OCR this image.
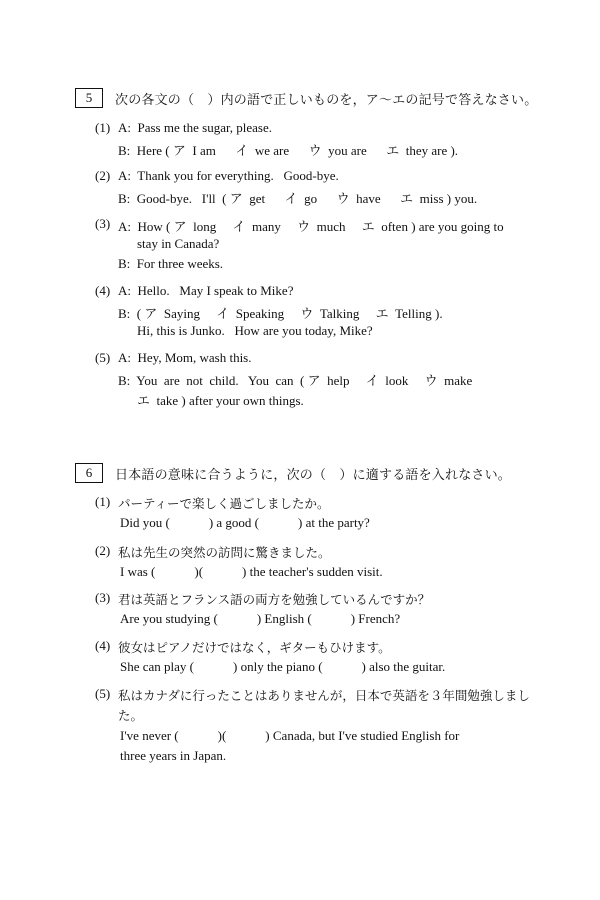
5	次の各文の（　）内の語で正しいものを，ア～エの記号で答えなさい。
(1) A:  Pass me the sugar, please.
B:  Here ( ア  I am      イ  we are      ウ  you are      エ  they are ).
(2) A:  Thank you for everything.   Good-bye.
B:  Good-bye.   I'll  ( ア  get      イ  go      ウ  have      エ  miss ) you.
(3) A:  How ( ア  long     イ  many     ウ  much     エ  often ) are you going to
stay in Canada?
B:  For three weeks.
(4) A:  Hello.   May I speak to Mike?
B:  ( ア  Saying     イ  Speaking     ウ  Talking     エ  Telling ).
Hi, this is Junko.   How are you today, Mike?
(5) A:  Hey, Mom, wash this.
B:  You  are  not  child.   You  can  ( ア  help     イ  look     ウ  make
エ  take ) after your own things.
6	日本語の意味に合うように，次の（　）に適する語を入れなさい。
(1) パーティーで楽しく過ごしましたか。
Did you (            ) a good (            ) at the party?
(2) 私は先生の突然の訪問に驚きました。
I was (            )(            ) the teacher's sudden visit.
(3) 君は英語とフランス語の両方を勉強しているんですか？
Are you studying (            ) English (            ) French?
(4) 彼女はピアノだけではなく，ギターもひけます。
She can play (            ) only the piano (            ) also the guitar.
(5) 私はカナダに行ったことはありませんが，日本で英語を３年間勉強しまし
た。
I've never (            )(            ) Canada, but I've studied English for
three years in Japan.
